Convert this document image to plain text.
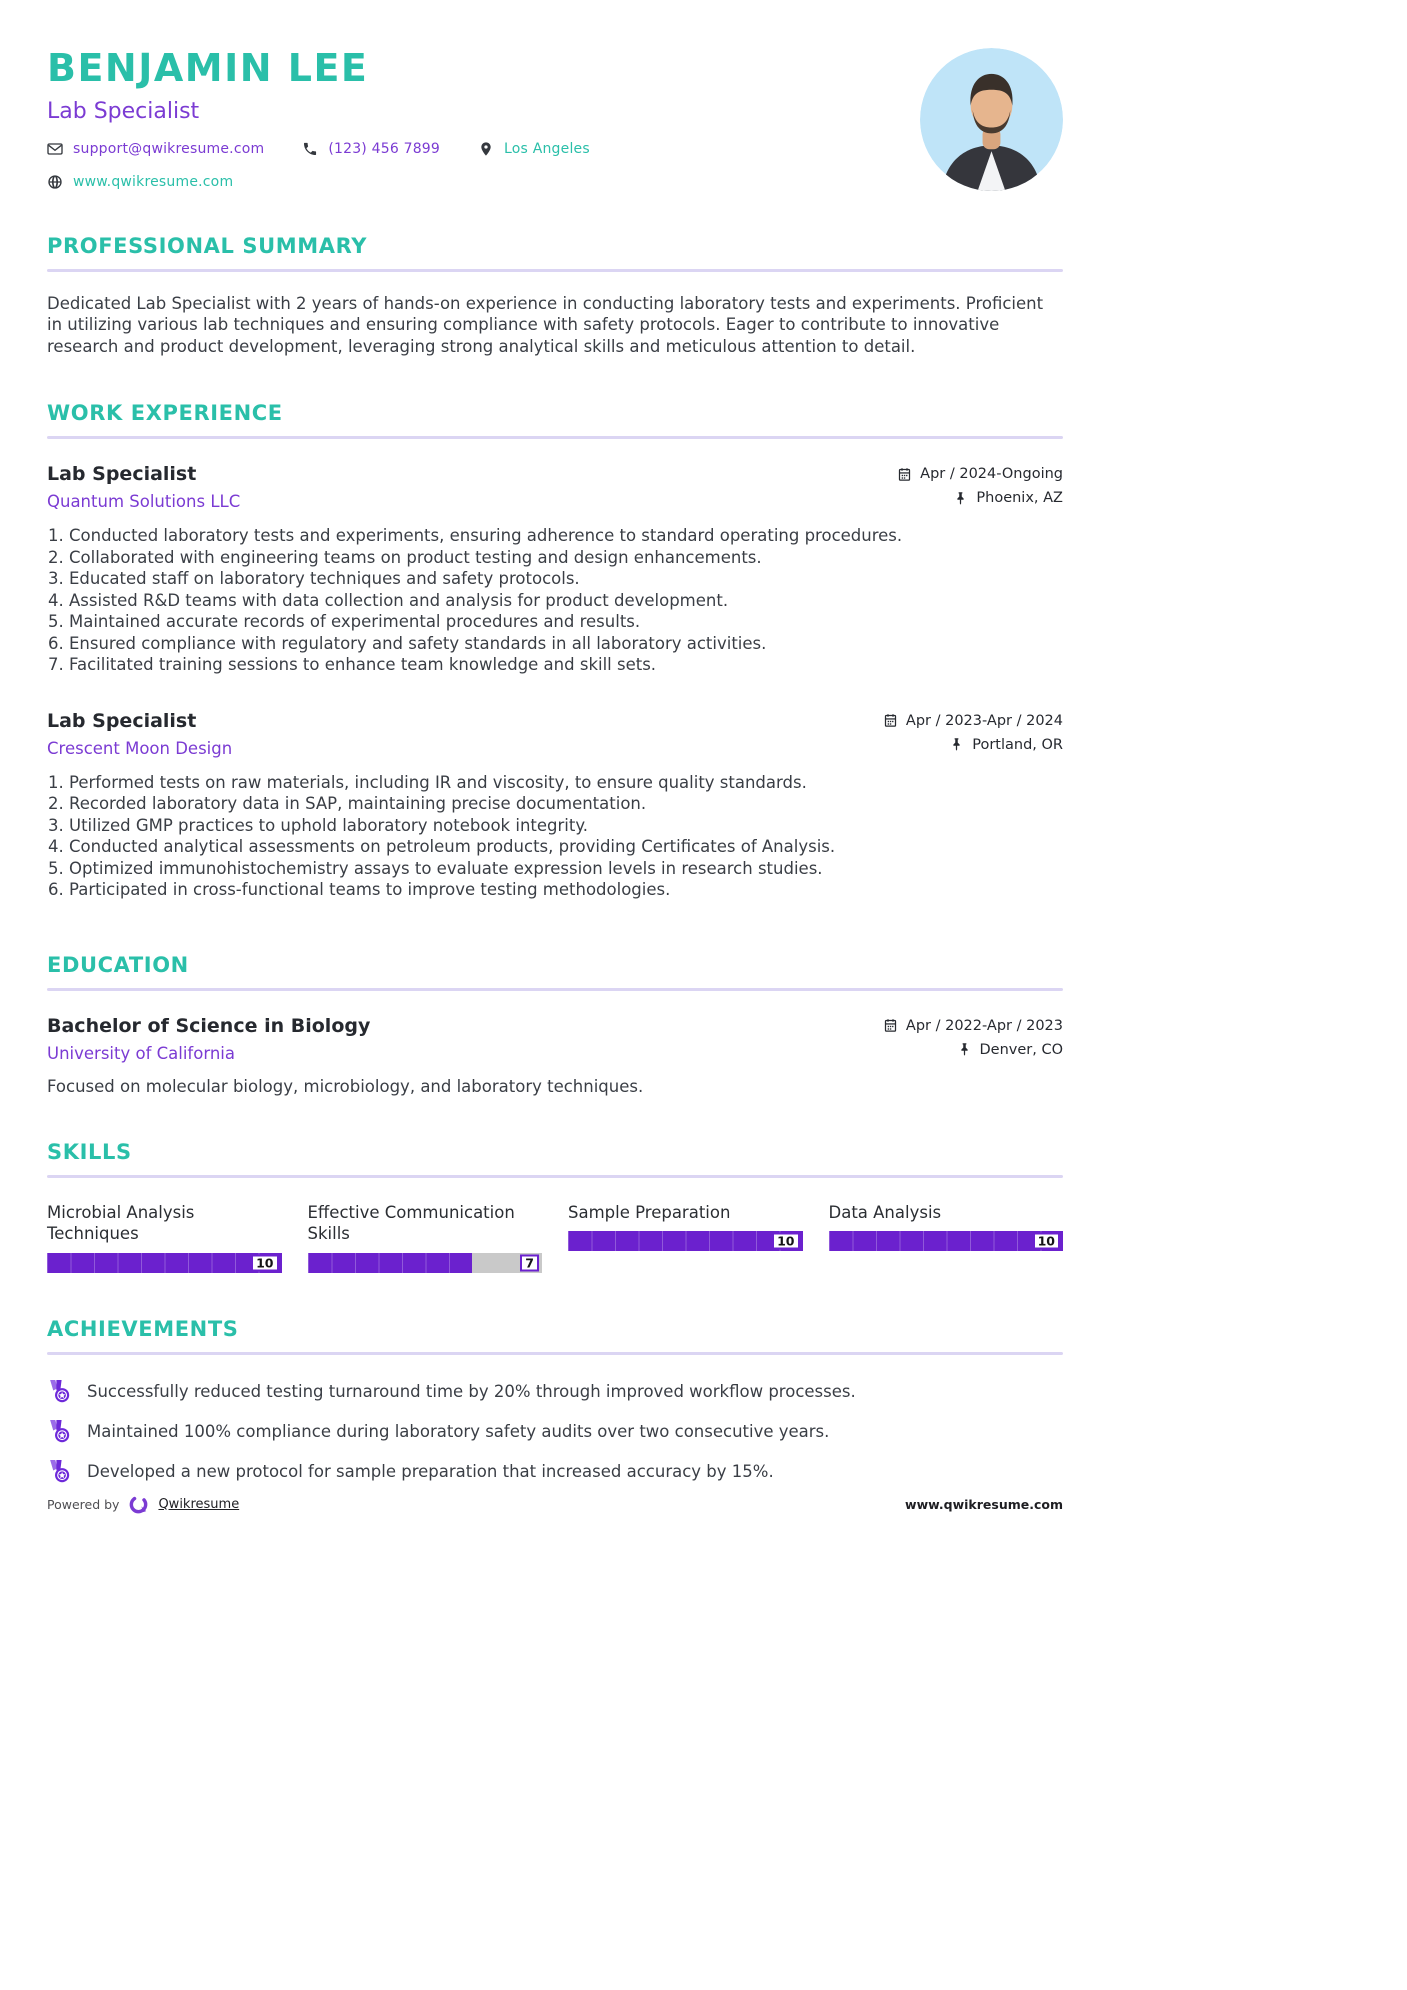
BENJAMIN LEE
Lab Specialist
support@qwikresume.com	(123) 456 7899	Los Angeles
www.qwikresume.com
PROFESSIONAL SUMMARY

Dedicated Lab Specialist with 2 years of hands-on experience in conducting laboratory tests and experiments. Proficient in utilizing various lab techniques and ensuring compliance with safety protocols. Eager to contribute to innovative research and product development, leveraging strong analytical skills and meticulous attention to detail.

WORK EXPERIENCE
Lab Specialist
Quantum Solutions LLC
Apr / 2024-Ongoing
Phoenix, AZ
1. Conducted laboratory tests and experiments, ensuring adherence to standard operating procedures.
2. Collaborated with engineering teams on product testing and design enhancements.
3. Educated staff on laboratory techniques and safety protocols.
4. Assisted R&D teams with data collection and analysis for product development.
5. Maintained accurate records of experimental procedures and results.
6. Ensured compliance with regulatory and safety standards in all laboratory activities.
7. Facilitated training sessions to enhance team knowledge and skill sets.
Lab Specialist
Crescent Moon Design
Apr / 2023-Apr / 2024
Portland, OR
1. Performed tests on raw materials, including IR and viscosity, to ensure quality standards.
2. Recorded laboratory data in SAP, maintaining precise documentation.
3. Utilized GMP practices to uphold laboratory notebook integrity.
4. Conducted analytical assessments on petroleum products, providing Certificates of Analysis.
5. Optimized immunohistochemistry assays to evaluate expression levels in research studies.
6. Participated in cross-functional teams to improve testing methodologies.
EDUCATION
Bachelor of Science in Biology
University of California
Apr / 2022-Apr / 2023
Denver, CO

Focused on molecular biology, microbiology, and laboratory techniques.

SKILLS
Microbial Analysis Techniques
10
Effective Communication Skills
7
Sample Preparation
10
Data Analysis
10
ACHIEVEMENTS
Successfully reduced testing turnaround time by 20% through improved workflow processes.
Maintained 100% compliance during laboratory safety audits over two consecutive years.
Developed a new protocol for sample preparation that increased accuracy by 15%.
Powered by	Qwikresume	www.qwikresume.com
